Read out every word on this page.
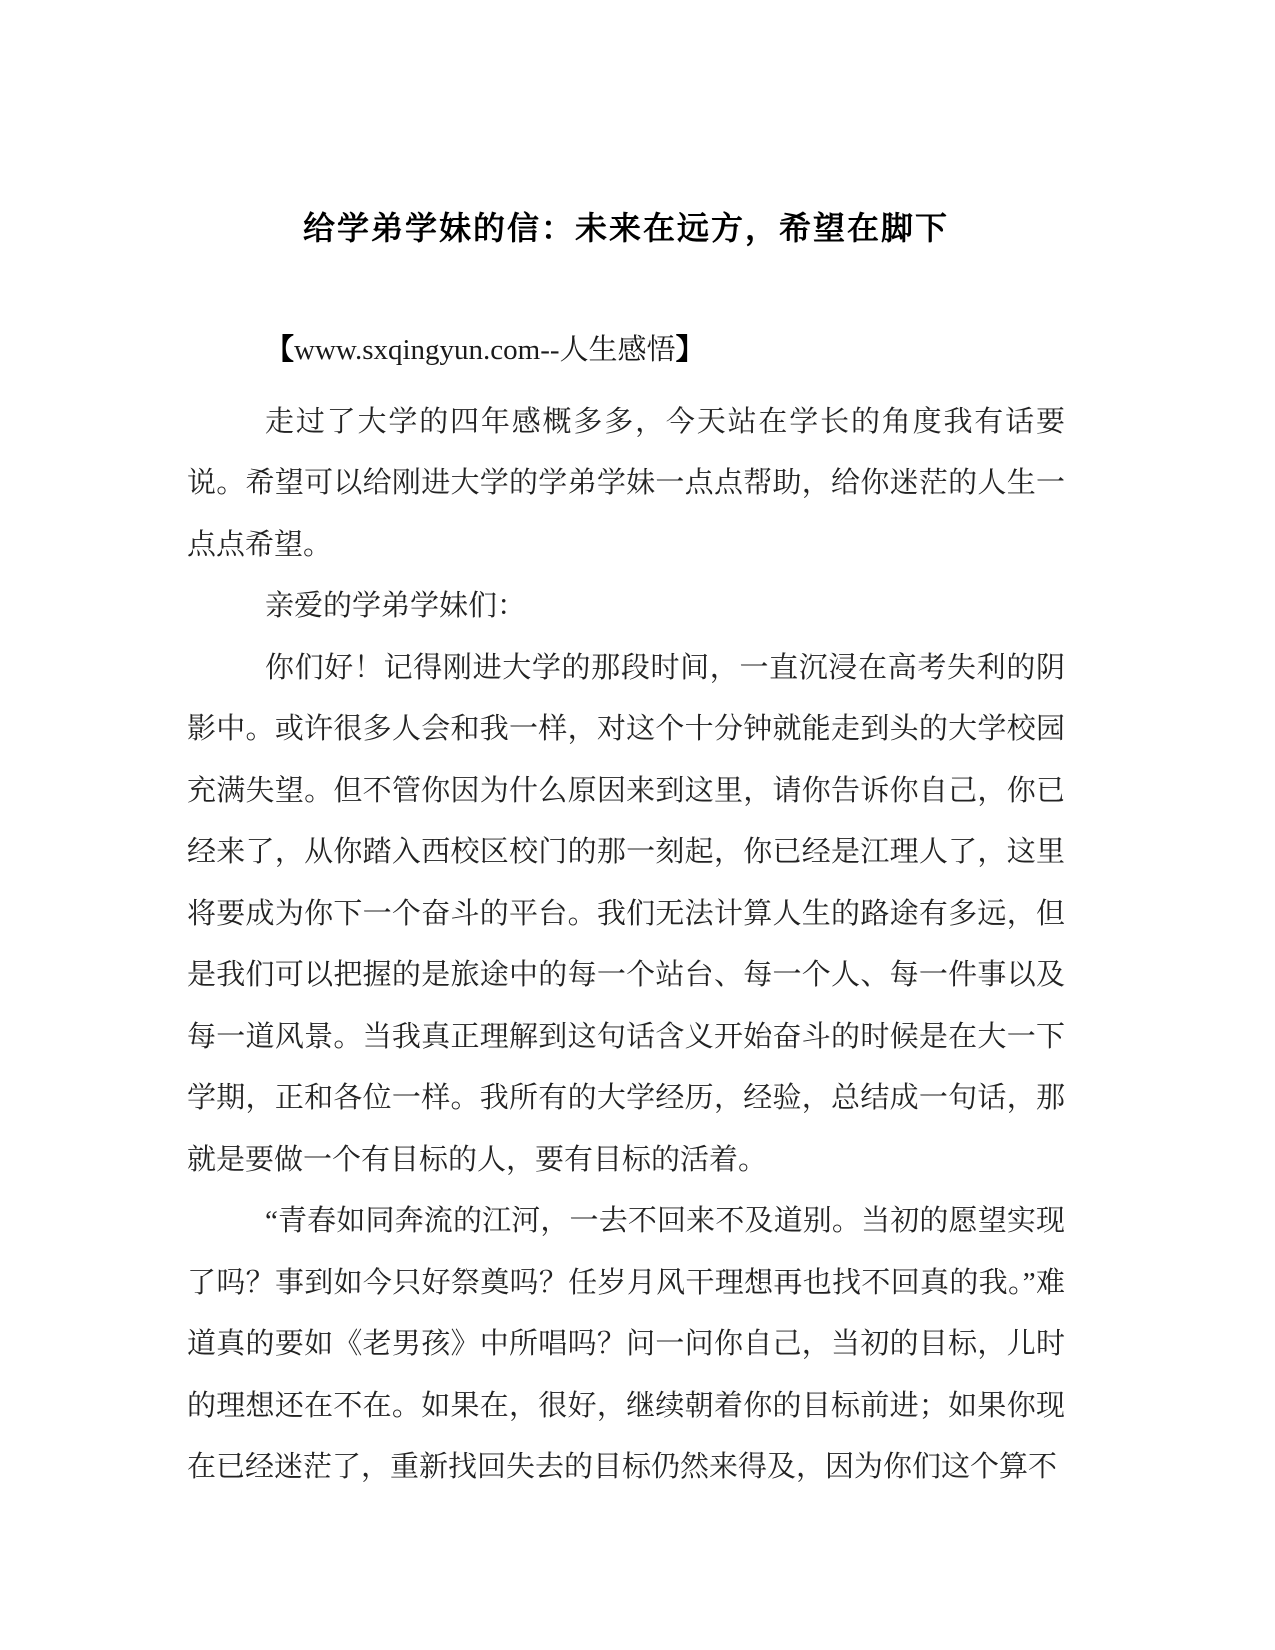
给学弟学妹的信：未来在远方，希望在脚下
【www.sxqingyun.com--人生感悟】

走过了大学的四年感概多多，今天站在学长的角度我有话要说。希望可以给刚进大学的学弟学妹一点点帮助，给你迷茫的人生一点点希望。

亲爱的学弟学妹们：

你们好！记得刚进大学的那段时间，一直沉浸在高考失利的阴影中。或许很多人会和我一样，对这个十分钟就能走到头的大学校园充满失望。但不管你因为什么原因来到这里，请你告诉你自己，你已经来了，从你踏入西校区校门的那一刻起，你已经是江理人了，这里将要成为你下一个奋斗的平台。我们无法计算人生的路途有多远，但是我们可以把握的是旅途中的每一个站台、每一个人、每一件事以及每一道风景。当我真正理解到这句话含义开始奋斗的时候是在大一下学期，正和各位一样。我所有的大学经历，经验，总结成一句话，那就是要做一个有目标的人，要有目标的活着。

“青春如同奔流的江河，一去不回来不及道别。当初的愿望实现了吗？事到如今只好祭奠吗？任岁月风干理想再也找不回真的我。”难道真的要如《老男孩》中所唱吗？问一问你自己，当初的目标，儿时的理想还在不在。如果在，很好，继续朝着你的目标前进；如果你现在已经迷茫了，重新找回失去的目标仍然来得及，因为你们这个算不
